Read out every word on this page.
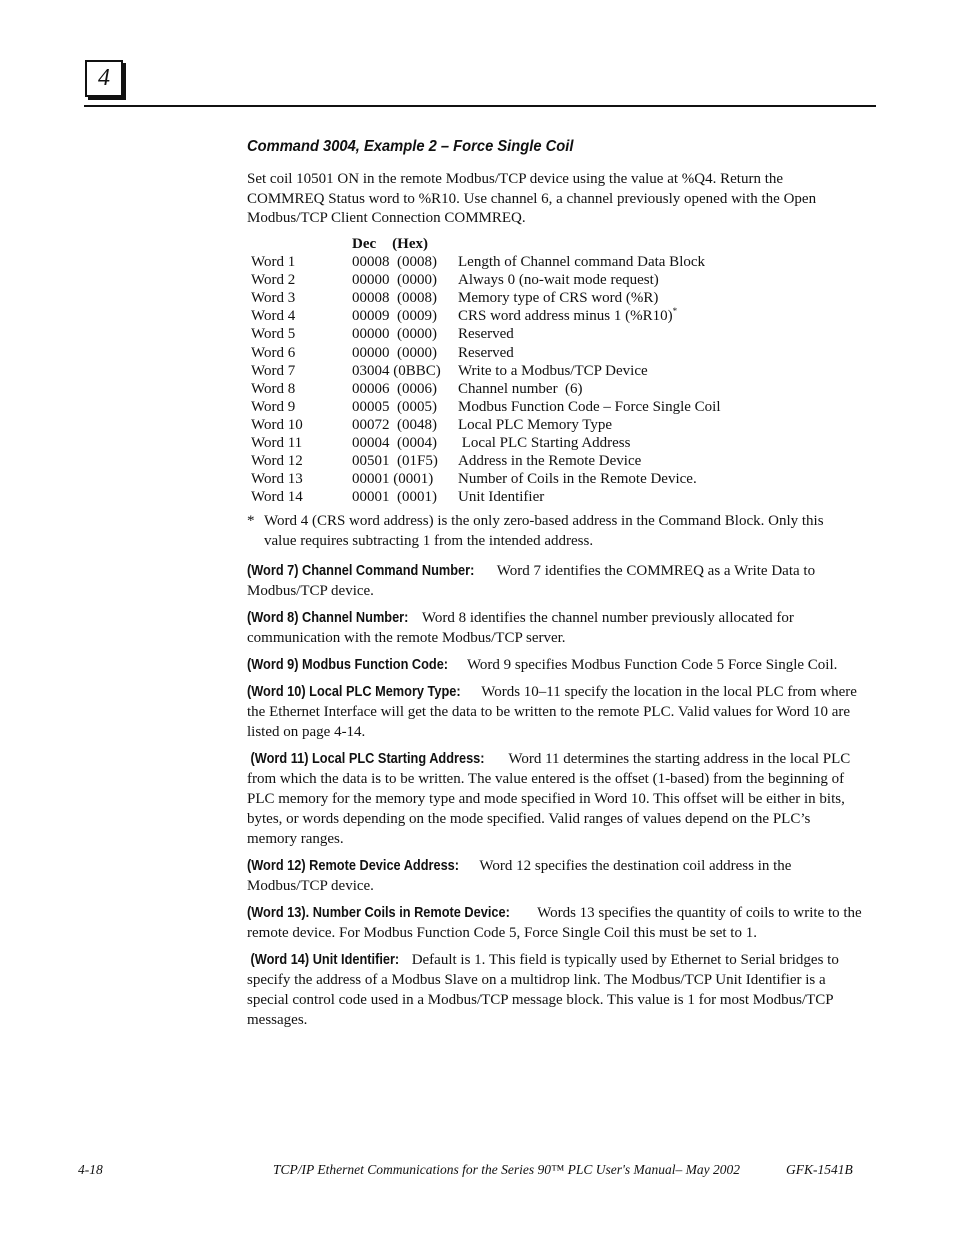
4
Command 3004, Example 2 – Force Single Coil
Set coil 10501 ON in the remote Modbus/TCP device using the value at %Q4. Return the COMMREQ Status word to %R10. Use channel 6, a channel previously opened with the Open Modbus/TCP Client Connection COMMREQ.
Dec (Hex)
Word 1	00008  (0008) Length of Channel command Data Block
Word 2	00000  (0000) Always 0 (no-wait mode request)
Word 3	00008  (0008) Memory type of CRS word (%R)
Word 4	00009  (0009) CRS word address minus 1 (%R10)*
Word 5	00000  (0000) Reserved
Word 6	00000  (0000) Reserved
Word 7	03004 (0BBC) Write to a Modbus/TCP Device
Word 8	00006  (0006) Channel number  (6)
Word 9	00005  (0005) Modbus Function Code – Force Single Coil
Word 10	00072  (0048) Local PLC Memory Type
Word 11	00004  (0004) Local PLC Starting Address
Word 12	00501  (01F5) Address in the Remote Device
Word 13	00001 (0001) Number of Coils in the Remote Device.
Word 14	00001  (0001) Unit Identifier
* Word 4 (CRS word address) is the only zero-based address in the Command Block. Only this value requires subtracting 1 from the intended address.

(Word 7) Channel Command Number: Word 7 identifies the COMMREQ as a Write Data to Modbus/TCP device.

(Word 8) Channel Number: Word 8 identifies the channel number previously allocated for communication with the remote Modbus/TCP server.

(Word 9) Modbus Function Code: Word 9 specifies Modbus Function Code 5 Force Single Coil.

(Word 10) Local PLC Memory Type: Words 10–11 specify the location in the local PLC from where the Ethernet Interface will get the data to be written to the remote PLC. Valid values for Word 10 are listed on page 4-14.

(Word 11) Local PLC Starting Address: Word 11 determines the starting address in the local PLC from which the data is to be written. The value entered is the offset (1-based) from the beginning of PLC memory for the memory type and mode specified in Word 10. This offset will be either in bits, bytes, or words depending on the mode specified. Valid ranges of values depend on the PLC’s memory ranges.

(Word 12) Remote Device Address: Word 12 specifies the destination coil address in the Modbus/TCP device.

(Word 13). Number Coils in Remote Device: Words 13 specifies the quantity of coils to write to the remote device. For Modbus Function Code 5, Force Single Coil this must be set to 1.

(Word 14) Unit Identifier: Default is 1. This field is typically used by Ethernet to Serial bridges to specify the address of a Modbus Slave on a multidrop link. The Modbus/TCP Unit Identifier is a special control code used in a Modbus/TCP message block. This value is 1 for most Modbus/TCP messages.

4-18	TCP/IP Ethernet Communications for the Series 90™ PLC User's Manual– May 2002	GFK-1541B
